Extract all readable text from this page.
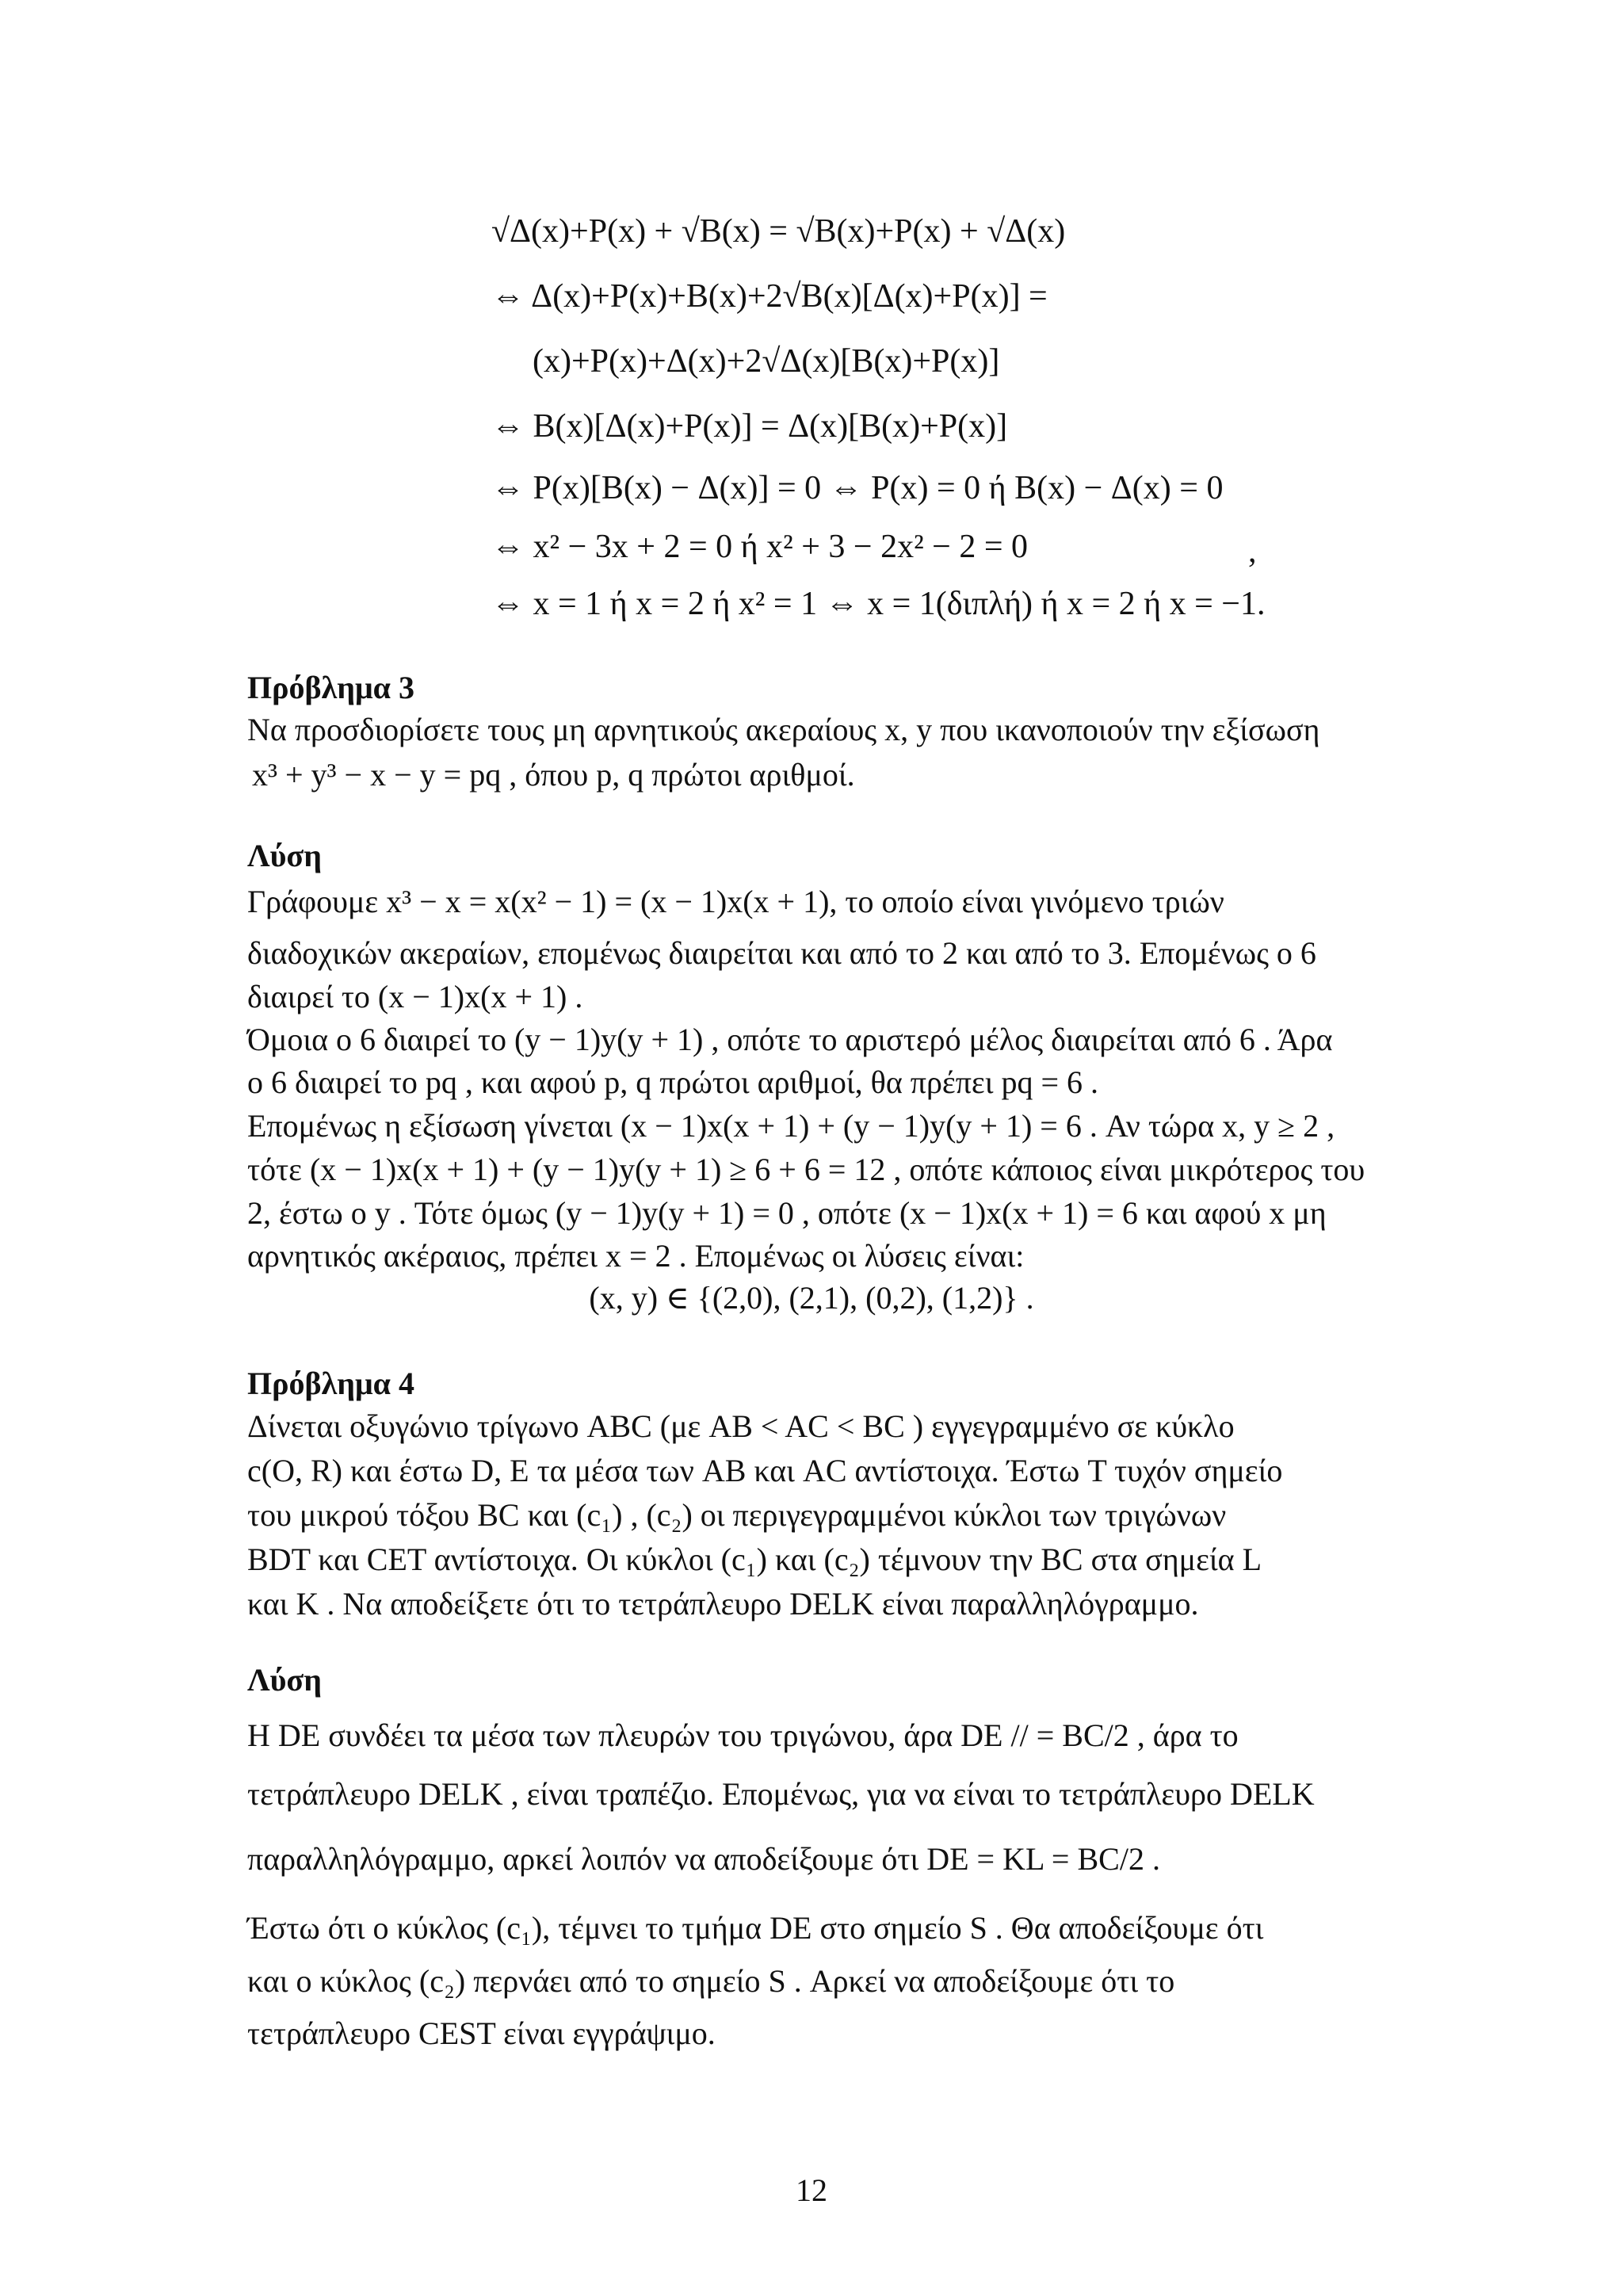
√Δ(x)+P(x) + √B(x) = √B(x)+P(x) + √Δ(x)
⇔ Δ(x)+P(x)+B(x)+2√B(x)[Δ(x)+P(x)] =
(x)+P(x)+Δ(x)+2√Δ(x)[B(x)+P(x)]
⇔ B(x)[Δ(x)+P(x)] = Δ(x)[B(x)+P(x)]
⇔ P(x)[B(x) − Δ(x)] = 0 ⇔ P(x) = 0 ή B(x) − Δ(x) = 0
⇔ x² − 3x + 2 = 0 ή x² + 3 − 2x² − 2 = 0	,
⇔ x = 1 ή x = 2 ή x² = 1 ⇔ x = 1(διπλή) ή x = 2 ή x = −1.
Πρόβλημα 3
Να προσδιορίσετε τους μη αρνητικούς ακεραίους x, y που ικανοποιούν την εξίσωση
x³ + y³ − x − y = pq , όπου p, q πρώτοι αριθμοί.
Λύση
Γράφουμε x³ − x = x(x² − 1) = (x − 1)x(x + 1), το οποίο είναι γινόμενο τριών
διαδοχικών ακεραίων, επομένως διαιρείται και από το 2 και από το 3. Επομένως ο 6
διαιρεί το (x − 1)x(x + 1) .
Όμοια ο 6 διαιρεί το (y − 1)y(y + 1) , οπότε το αριστερό μέλος διαιρείται από 6 . Άρα
ο 6 διαιρεί το pq , και αφού p, q πρώτοι αριθμοί, θα πρέπει pq = 6 .
Επομένως η εξίσωση γίνεται (x − 1)x(x + 1) + (y − 1)y(y + 1) = 6 . Αν τώρα x, y ≥ 2 ,
τότε (x − 1)x(x + 1) + (y − 1)y(y + 1) ≥ 6 + 6 = 12 , οπότε κάποιος είναι μικρότερος του
2, έστω ο y . Τότε όμως (y − 1)y(y + 1) = 0 , οπότε (x − 1)x(x + 1) = 6 και αφού x μη
αρνητικός ακέραιος, πρέπει x = 2 . Επομένως οι λύσεις είναι:
(x, y) ∈ {(2,0), (2,1), (0,2), (1,2)} .
Πρόβλημα 4
Δίνεται οξυγώνιο τρίγωνο ABC (με AB < AC < BC ) εγγεγραμμένο σε κύκλο
c(O, R) και έστω D, E τα μέσα των AB και AC αντίστοιχα. Έστω T τυχόν σημείο
του μικρού τόξου BC και (c₁) , (c₂) οι περιγεγραμμένοι κύκλοι των τριγώνων
BDT και CET αντίστοιχα. Οι κύκλοι (c₁) και (c₂) τέμνουν την BC στα σημεία L
και K . Να αποδείξετε ότι το τετράπλευρο DELK είναι παραλληλόγραμμο.
Λύση
Η DE συνδέει τα μέσα των πλευρών του τριγώνου, άρα DE // = BC/2 , άρα το
τετράπλευρο DELK , είναι τραπέζιο. Επομένως, για να είναι το τετράπλευρο DELK
παραλληλόγραμμο, αρκεί λοιπόν να αποδείξουμε ότι DE = KL = BC/2 .
Έστω ότι ο κύκλος (c₁), τέμνει το τμήμα DE στο σημείο S . Θα αποδείξουμε ότι
και ο κύκλος (c₂) περνάει από το σημείο S . Αρκεί να αποδείξουμε ότι το
τετράπλευρο CEST είναι εγγράψιμο.
12
